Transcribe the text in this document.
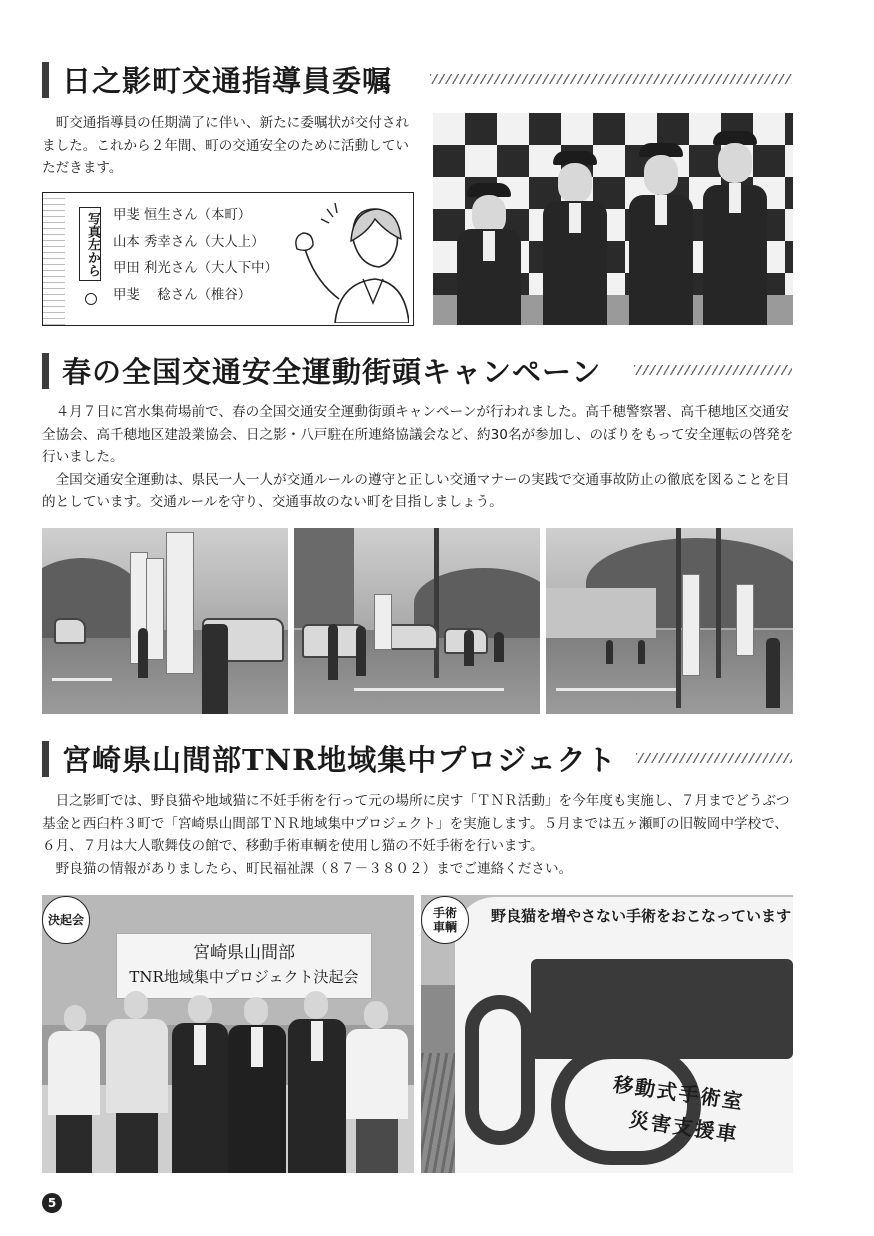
日之影町交通指導員委嘱

町交通指導員の任期満了に伴い、新たに委嘱状が交付されました。これから２年間、町の交通安全のために活動していただきます。

写真左から 甲斐 恒生さん（本町）
山本 秀幸さん（大人上）
甲田 利光さん（大人下中）
甲斐　 稔さん（椎谷）
春の全国交通安全運動街頭キャンペーン

４月７日に宮水集荷場前で、春の全国交通安全運動街頭キャンペーンが行われました。高千穂警察署、高千穂地区交通安全協会、高千穂地区建設業協会、日之影・八戸駐在所連絡協議会など、約30名が参加し、のぼりをもって安全運転の啓発を行いました。

全国交通安全運動は、県民一人一人が交通ルールの遵守と正しい交通マナーの実践で交通事故防止の徹底を図ることを目的としています。交通ルールを守り、交通事故のない町を目指しましょう。

宮崎県山間部TNR地域集中プロジェクト

日之影町では、野良猫や地域猫に不妊手術を行って元の場所に戻す「ＴＮＲ活動」を今年度も実施し、７月までどうぶつ基金と西臼杵３町で「宮崎県山間部ＴＮＲ地域集中プロジェクト」を実施します。５月までは五ヶ瀬町の旧鞍岡中学校で、６月、７月は大人歌舞伎の館で、移動手術車輌を使用し猫の不妊手術を行います。

野良猫の情報がありましたら、町民福祉課（８７－３８０２）までご連絡ください。

宮崎県山間部
TNR地域集中プロジェクト決起会
決起会	野良猫を増やさない手術をおこなっています
移動式手術室
災害支援車
手術
車輌
5
